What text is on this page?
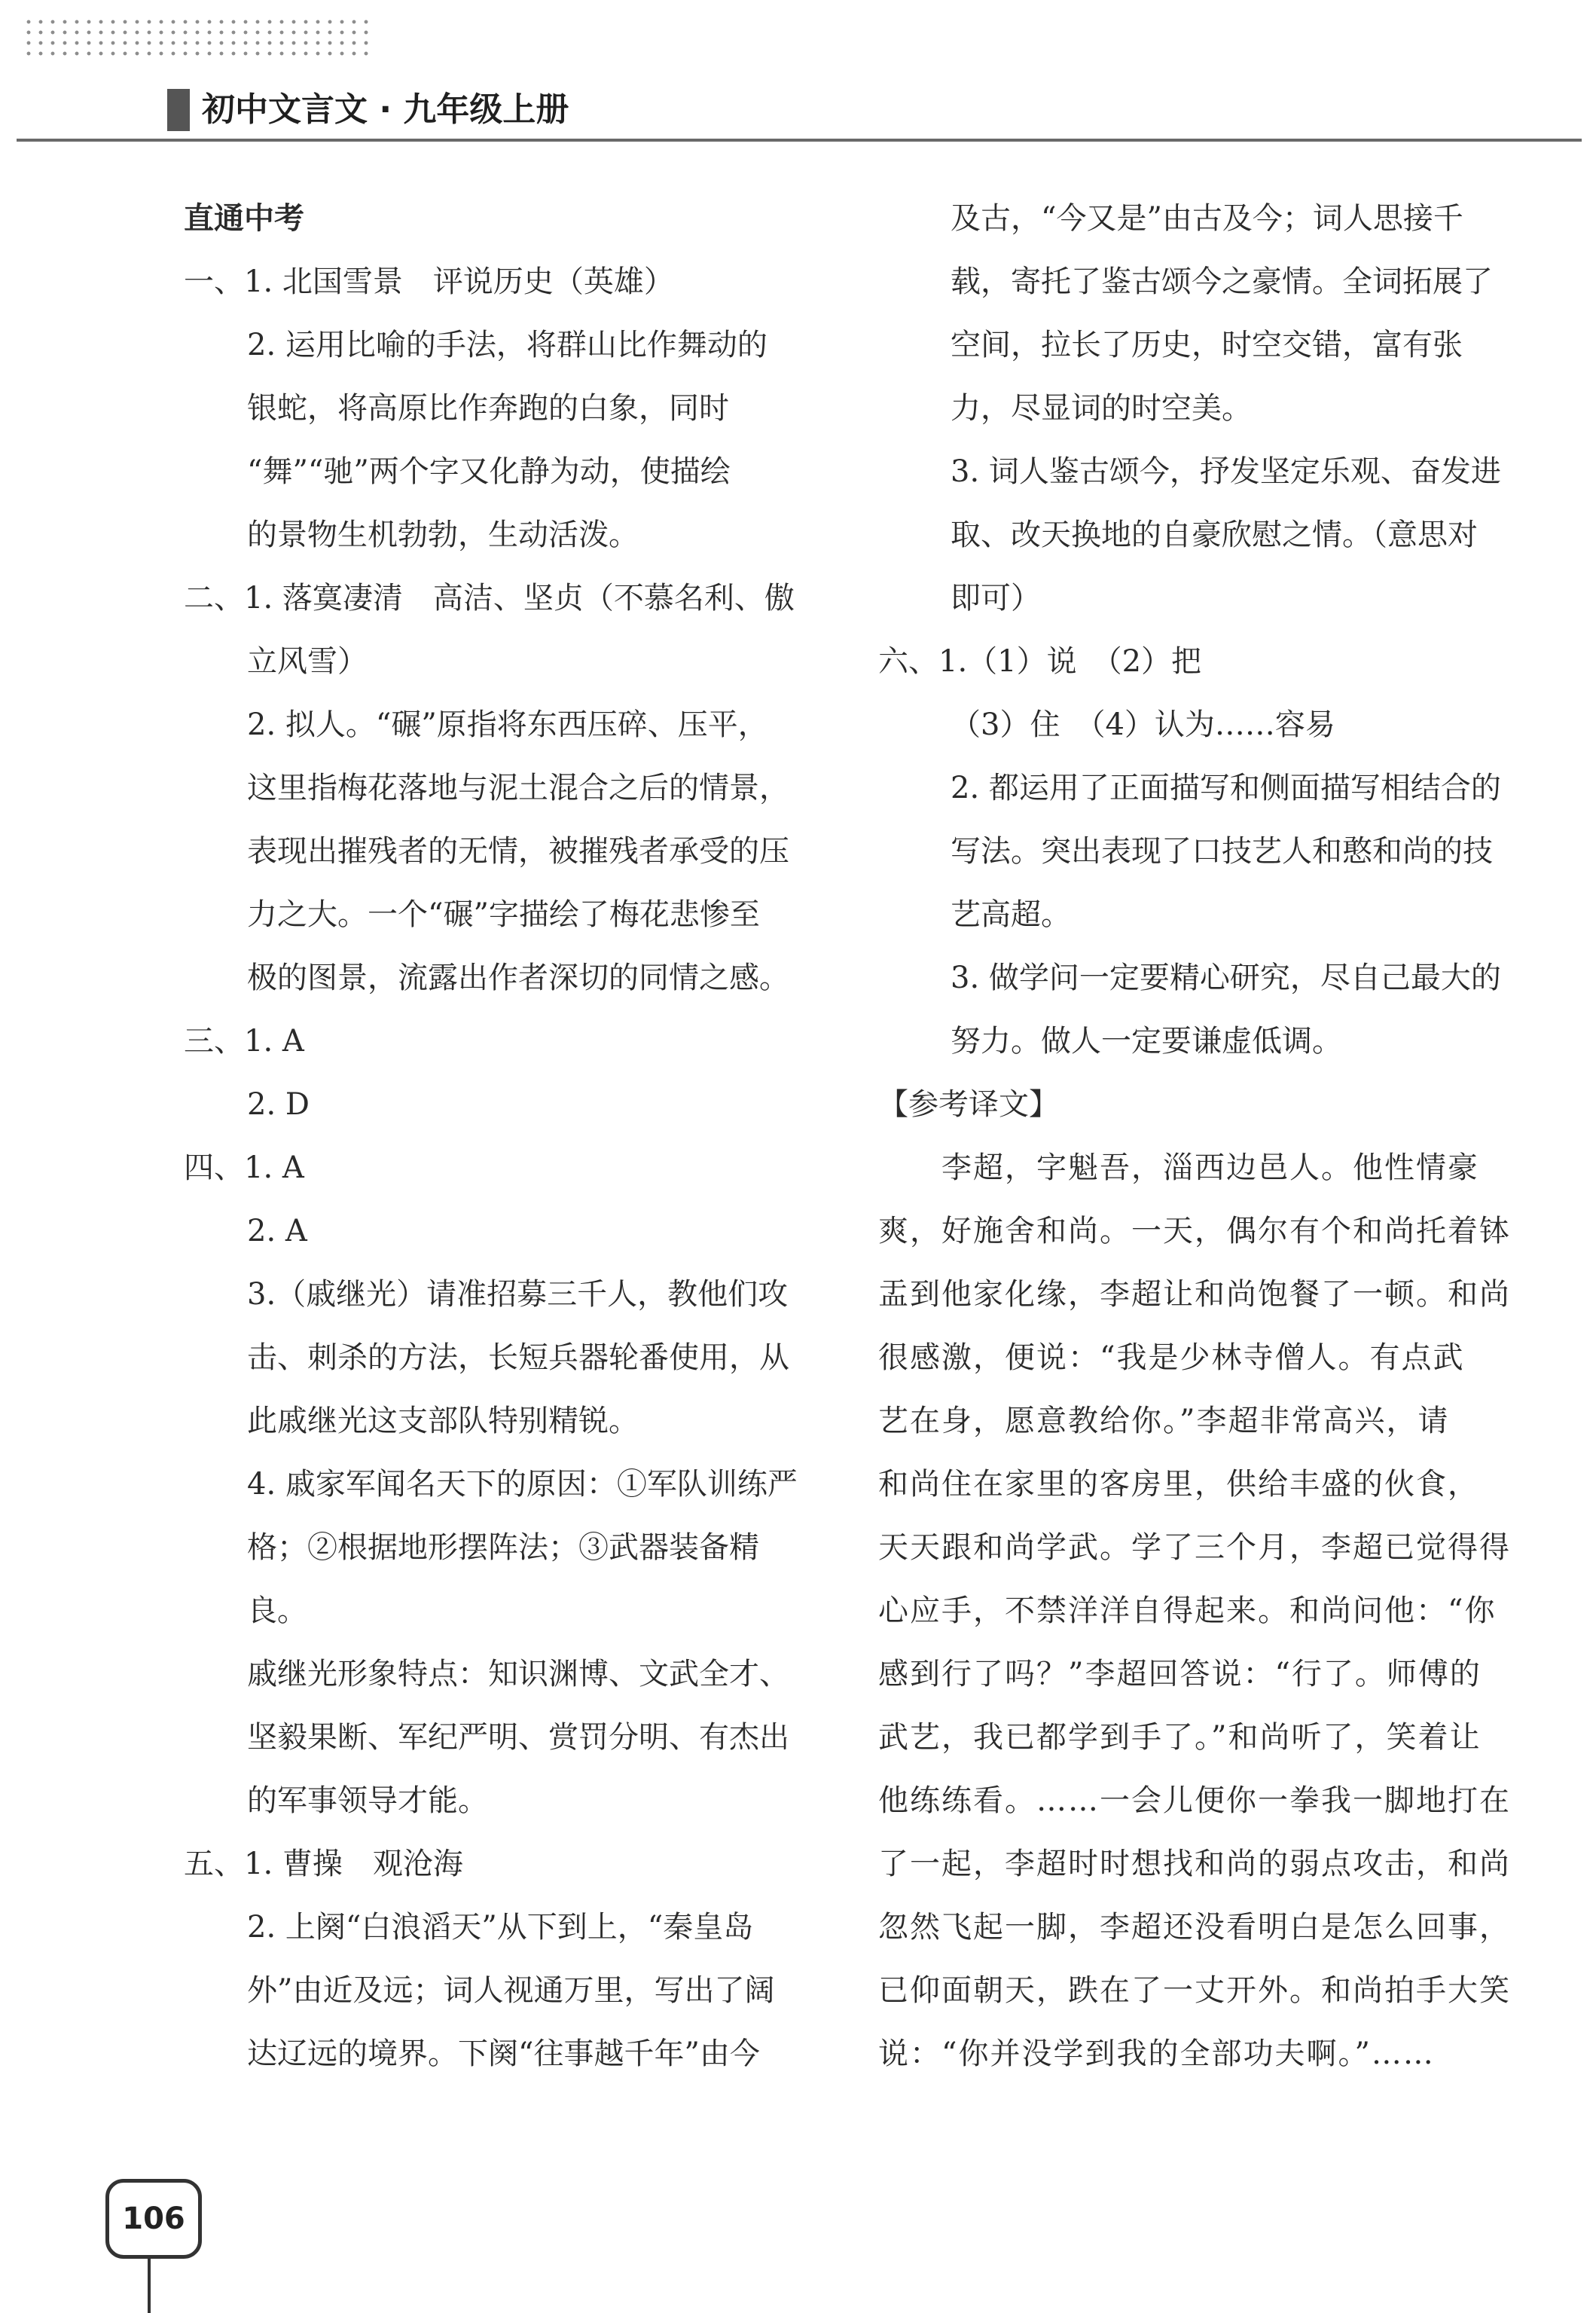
初中文言文 · 九年级上册
直通中考
一、1. 北国雪景　评说历史（英雄）
2. 运用比喻的手法，将群山比作舞动的
银蛇，将高原比作奔跑的白象，同时
“舞”“驰”两个字又化静为动，使描绘
的景物生机勃勃，生动活泼。
二、1. 落寞凄清　高洁、坚贞（不慕名利、傲
立风雪）
2. 拟人。“碾”原指将东西压碎、压平，
这里指梅花落地与泥土混合之后的情景，
表现出摧残者的无情，被摧残者承受的压
力之大。一个“碾”字描绘了梅花悲惨至
极的图景，流露出作者深切的同情之感。
三、1. A
2. D
四、1. A
2. A
3.（戚继光）请准招募三千人，教他们攻
击、刺杀的方法，长短兵器轮番使用，从
此戚继光这支部队特别精锐。
4. 戚家军闻名天下的原因：①军队训练严
格；②根据地形摆阵法；③武器装备精
良。
戚继光形象特点：知识渊博、文武全才、
坚毅果断、军纪严明、赏罚分明、有杰出
的军事领导才能。
五、1. 曹操　观沧海
2. 上阕“白浪滔天”从下到上，“秦皇岛
外”由近及远；词人视通万里，写出了阔
达辽远的境界。下阕“往事越千年”由今
及古，“今又是”由古及今；词人思接千
载，寄托了鉴古颂今之豪情。全词拓展了
空间，拉长了历史，时空交错，富有张
力，尽显词的时空美。
3. 词人鉴古颂今，抒发坚定乐观、奋发进
取、改天换地的自豪欣慰之情。（意思对
即可）
六、1.（1）说　（2）把
（3）住　（4）认为……容易
2. 都运用了正面描写和侧面描写相结合的
写法。突出表现了口技艺人和憨和尚的技
艺高超。
3. 做学问一定要精心研究，尽自己最大的
努力。做人一定要谦虚低调。
【参考译文】
　　李超，字魁吾，淄西边邑人。他性情豪
爽，好施舍和尚。一天，偶尔有个和尚托着钵
盂到他家化缘，李超让和尚饱餐了一顿。和尚
很感激，便说：“我是少林寺僧人。有点武
艺在身，愿意教给你。”李超非常高兴，请
和尚住在家里的客房里，供给丰盛的伙食，
天天跟和尚学武。学了三个月，李超已觉得得
心应手，不禁洋洋自得起来。和尚问他：“你
感到行了吗？”李超回答说：“行了。师傅的
武艺，我已都学到手了。”和尚听了，笑着让
他练练看。……一会儿便你一拳我一脚地打在
了一起，李超时时想找和尚的弱点攻击，和尚
忽然飞起一脚，李超还没看明白是怎么回事，
已仰面朝天，跌在了一丈开外。和尚拍手大笑
说：“你并没学到我的全部功夫啊。”……
106
